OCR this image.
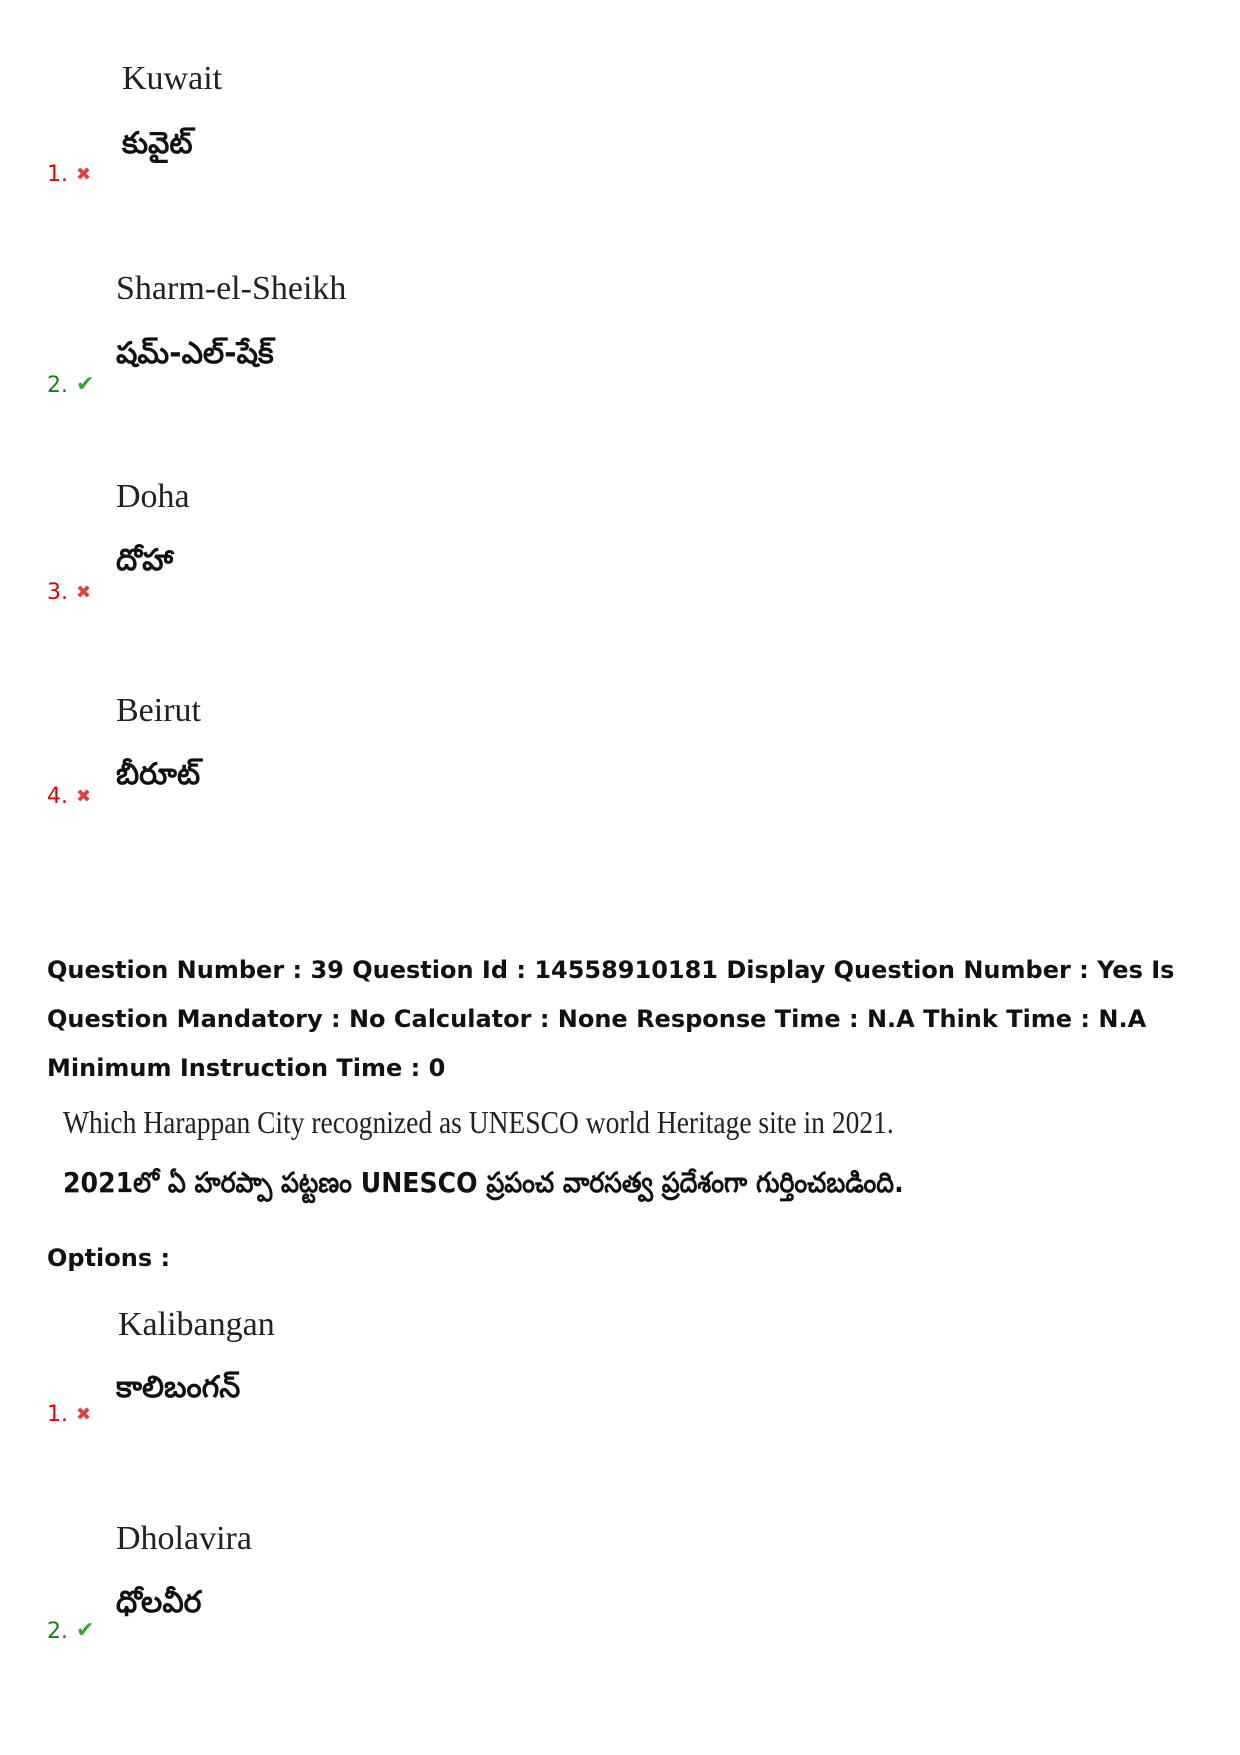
Kuwait
కువైట్
1. ✖
Sharm-el-Sheikh
షమ్-ఎల్-షేక్
2. ✔
Doha
దోహా
3. ✖
Beirut
బీరూట్
4. ✖
Question Number : 39 Question Id : 14558910181 Display Question Number : Yes Is Question Mandatory : No Calculator : None Response Time : N.A Think Time : N.A Minimum Instruction Time : 0
Which Harappan City recognized as UNESCO world Heritage site in 2021.
2021లో ఏ హరప్పా పట్టణం UNESCO ప్రపంచ వారసత్వ ప్రదేశంగా గుర్తించబడింది.
Options :
Kalibangan
కాలిబంగన్
1. ✖
Dholavira
ధోలవీర
2. ✔
